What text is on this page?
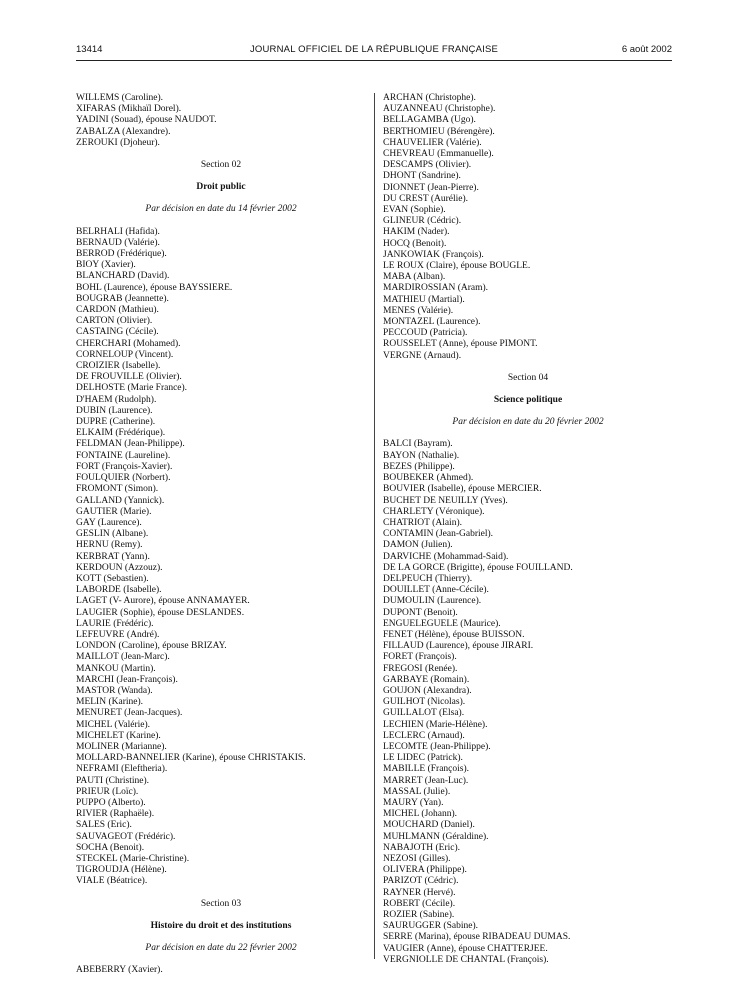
13414	JOURNAL OFFICIEL DE LA RÉPUBLIQUE FRANÇAISE	6 août 2002
WILLEMS (Caroline).
XIFARAS (Mikhaïl Dorel).
YADINI (Souad), épouse NAUDOT.
ZABALZA (Alexandre).
ZEROUKI (Djoheur).
Section 02
Droit public
Par décision en date du 14 février 2002
BELRHALI (Hafida).
BERNAUD (Valérie).
BERROD (Frédérique).
BIOY (Xavier).
BLANCHARD (David).
BOHL (Laurence), épouse BAYSSIERE.
BOUGRAB (Jeannette).
CARDON (Mathieu).
CARTON (Olivier).
CASTAING (Cécile).
CHERCHARI (Mohamed).
CORNELOUP (Vincent).
CROIZIER (Isabelle).
DE FROUVILLE (Olivier).
DELHOSTE (Marie France).
D'HAEM (Rudolph).
DUBIN (Laurence).
DUPRE (Catherine).
ELKAIM (Frédérique).
FELDMAN (Jean-Philippe).
FONTAINE (Laureline).
FORT (François-Xavier).
FOULQUIER (Norbert).
FROMONT (Simon).
GALLAND (Yannick).
GAUTIER (Marie).
GAY (Laurence).
GESLIN (Albane).
HERNU (Remy).
KERBRAT (Yann).
KERDOUN (Azzouz).
KOTT (Sebastien).
LABORDE (Isabelle).
LAGET (V- Aurore), épouse ANNAMAYER.
LAUGIER (Sophie), épouse DESLANDES.
LAURIE (Frédéric).
LEFEUVRE (André).
LONDON (Caroline), épouse BRIZAY.
MAILLOT (Jean-Marc).
MANKOU (Martin).
MARCHI (Jean-François).
MASTOR (Wanda).
MELIN (Karine).
MENURET (Jean-Jacques).
MICHEL (Valérie).
MICHELET (Karine).
MOLINER (Marianne).
MOLLARD-BANNELIER (Karine), épouse CHRISTAKIS.
NEFRAMI (Eleftheria).
PAUTI (Christine).
PRIEUR (Loïc).
PUPPO (Alberto).
RIVIER (Raphaële).
SALES (Eric).
SAUVAGEOT (Frédéric).
SOCHA (Benoit).
STECKEL (Marie-Christine).
TIGROUDJA (Hélène).
VIALE (Béatrice).
Section 03
Histoire du droit et des institutions
Par décision en date du 22 février 2002
ABEBERRY (Xavier).
ARCHAN (Christophe).
AUZANNEAU (Christophe).
BELLAGAMBA (Ugo).
BERTHOMIEU (Bérengère).
CHAUVELIER (Valérie).
CHEVREAU (Emmanuelle).
DESCAMPS (Olivier).
DHONT (Sandrine).
DIONNET (Jean-Pierre).
DU CREST (Aurélie).
EVAN (Sophie).
GLINEUR (Cédric).
HAKIM (Nader).
HOCQ (Benoit).
JANKOWIAK (François).
LE ROUX (Claire), épouse BOUGLE.
MABA (Alban).
MARDIROSSIAN (Aram).
MATHIEU (Martial).
MENES (Valérie).
MONTAZEL (Laurence).
PECCOUD (Patricia).
ROUSSELET (Anne), épouse PIMONT.
VERGNE (Arnaud).
Section 04
Science politique
Par décision en date du 20 février 2002
BALCI (Bayram).
BAYON (Nathalie).
BEZES (Philippe).
BOUBEKER (Ahmed).
BOUVIER (Isabelle), épouse MERCIER.
BUCHET DE NEUILLY (Yves).
CHARLETY (Véronique).
CHATRIOT (Alain).
CONTAMIN (Jean-Gabriel).
DAMON (Julien).
DARVICHE (Mohammad-Said).
DE LA GORCE (Brigitte), épouse FOUILLAND.
DELPEUCH (Thierry).
DOUILLET (Anne-Cécile).
DUMOULIN (Laurence).
DUPONT (Benoit).
ENGUELEGUELE (Maurice).
FENET (Hélène), épouse BUISSON.
FILLAUD (Laurence), épouse JIRARI.
FORET (François).
FREGOSI (Renée).
GARBAYE (Romain).
GOUJON (Alexandra).
GUILHOT (Nicolas).
GUILLALOT (Elsa).
LECHIEN (Marie-Hélène).
LECLERC (Arnaud).
LECOMTE (Jean-Philippe).
LE LIDEC (Patrick).
MABILLE (François).
MARRET (Jean-Luc).
MASSAL (Julie).
MAURY (Yan).
MICHEL (Johann).
MOUCHARD (Daniel).
MUHLMANN (Géraldine).
NABAJOTH (Eric).
NEZOSI (Gilles).
OLIVERA (Philippe).
PARIZOT (Cédric).
RAYNER (Hervé).
ROBERT (Cécile).
ROZIER (Sabine).
SAURUGGER (Sabine).
SERRE (Marina), épouse RIBADEAU DUMAS.
VAUGIER (Anne), épouse CHATTERJEE.
VERGNIOLLE DE CHANTAL (François).
